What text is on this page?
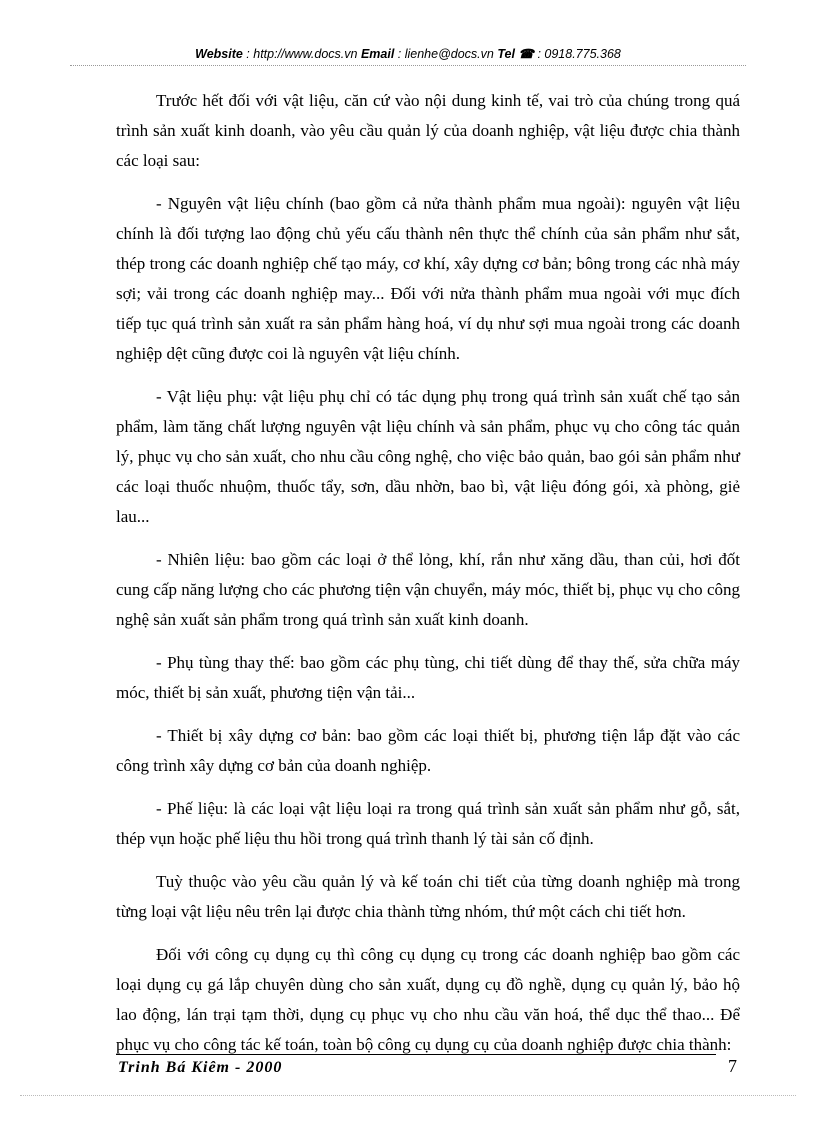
Website : http://www.docs.vn Email : lienhe@docs.vn Tel ☎ : 0918.775.368

Trước hết đối với vật liệu, căn cứ vào nội dung kinh tế, vai trò của chúng trong quá trình sản xuất kinh doanh, vào yêu cầu quản lý của doanh nghiệp, vật liệu được chia thành các loại sau:

- Nguyên vật liệu chính (bao gồm cả nửa thành phẩm mua ngoài): nguyên vật liệu chính là đối tượng lao động chủ yếu cấu thành nên thực thể chính của sản phẩm như sắt, thép trong các doanh nghiệp chế tạo máy, cơ khí, xây dựng cơ bản; bông trong các nhà máy sợi; vải trong các doanh nghiệp may... Đối với nửa thành phẩm mua ngoài với mục đích tiếp tục quá trình sản xuất ra sản phẩm hàng hoá, ví dụ như sợi mua ngoài trong các doanh nghiệp dệt cũng được coi là nguyên vật liệu chính.

- Vật liệu phụ: vật liệu phụ chỉ có tác dụng phụ trong quá trình sản xuất chế tạo sản phẩm, làm tăng chất lượng nguyên vật liệu chính và sản phẩm, phục vụ cho công tác quản lý, phục vụ cho sản xuất, cho nhu cầu công nghệ, cho việc bảo quản, bao gói sản phẩm như các loại thuốc nhuộm, thuốc tẩy, sơn, dầu nhờn, bao bì, vật liệu đóng gói, xà phòng, giẻ lau...

- Nhiên liệu: bao gồm các loại ở thể lỏng, khí, rắn như xăng dầu, than củi, hơi đốt cung cấp năng lượng cho các phương tiện vận chuyển, máy móc, thiết bị, phục vụ cho công nghệ sản xuất sản phẩm trong quá trình sản xuất kinh doanh.

- Phụ tùng thay thế: bao gồm các phụ tùng, chi tiết dùng để thay thế, sửa chữa máy móc, thiết bị sản xuất, phương tiện vận tải...

- Thiết bị xây dựng cơ bản: bao gồm các loại thiết bị, phương tiện lắp đặt vào các công trình xây dựng cơ bản của doanh nghiệp.

- Phế liệu: là các loại vật liệu loại ra trong quá trình sản xuất sản phẩm như gỗ, sắt, thép vụn hoặc phế liệu thu hồi trong quá trình thanh lý tài sản cố định.

Tuỳ thuộc vào yêu cầu quản lý và kế toán chi tiết của từng doanh nghiệp mà trong từng loại vật liệu nêu trên lại được chia thành từng nhóm, thứ một cách chi tiết hơn.

Đối với công cụ dụng cụ thì công cụ dụng cụ trong các doanh nghiệp bao gồm các loại dụng cụ gá lắp chuyên dùng cho sản xuất, dụng cụ đồ nghề, dụng cụ quản lý, bảo hộ lao động, lán trại tạm thời, dụng cụ phục vụ cho nhu cầu văn hoá, thể dục thể thao... Để phục vụ cho công tác kế toán, toàn bộ công cụ dụng cụ của doanh nghiệp được chia thành:

Trinh Bá Kiêm - 2000	7
